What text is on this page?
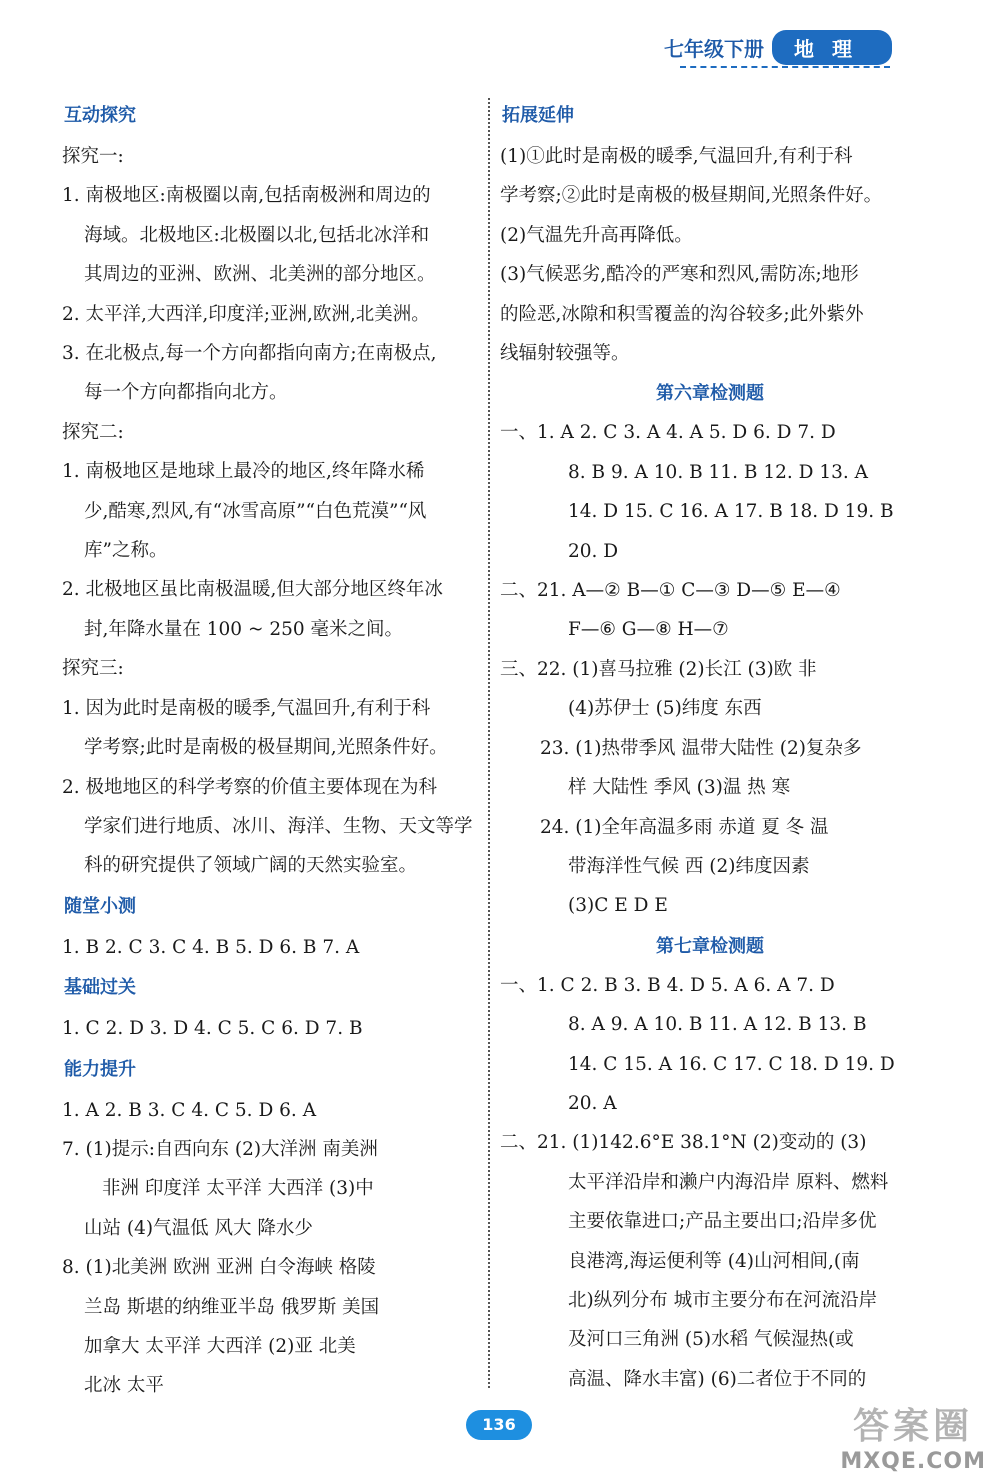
七年级下册	地理
互动探究
探究一:
1. 南极地区:南极圈以南,包括南极洲和周边的
海域。北极地区:北极圈以北,包括北冰洋和
其周边的亚洲、欧洲、北美洲的部分地区。
2. 太平洋,大西洋,印度洋;亚洲,欧洲,北美洲。
3. 在北极点,每一个方向都指向南方;在南极点,
每一个方向都指向北方。
探究二:
1. 南极地区是地球上最冷的地区,终年降水稀
少,酷寒,烈风,有“冰雪高原”“白色荒漠”“风
库”之称。
2. 北极地区虽比南极温暖,但大部分地区终年冰
封,年降水量在 100 ~ 250 毫米之间。
探究三:
1. 因为此时是南极的暖季,气温回升,有利于科
学考察;此时是南极的极昼期间,光照条件好。
2. 极地地区的科学考察的价值主要体现在为科
学家们进行地质、冰川、海洋、生物、天文等学
科的研究提供了领域广阔的天然实验室。
随堂小测
1. B 2. C 3. C 4. B 5. D 6. B 7. A
基础过关
1. C 2. D 3. D 4. C 5. C 6. D 7. B
能力提升
1. A 2. B 3. C 4. C 5. D 6. A
7. (1)提示:自西向东 (2)大洋洲 南美洲
非洲 印度洋 太平洋 大西洋 (3)中
山站 (4)气温低 风大 降水少
8. (1)北美洲 欧洲 亚洲 白令海峡 格陵
兰岛 斯堪的纳维亚半岛 俄罗斯 美国
加拿大 太平洋 大西洋 (2)亚 北美
北冰 太平
拓展延伸
(1)①此时是南极的暖季,气温回升,有利于科
学考察;②此时是南极的极昼期间,光照条件好。
(2)气温先升高再降低。
(3)气候恶劣,酷冷的严寒和烈风,需防冻;地形
的险恶,冰隙和积雪覆盖的沟谷较多;此外紫外
线辐射较强等。
第六章检测题
一、1. A 2. C 3. A 4. A 5. D 6. D 7. D
8. B 9. A 10. B 11. B 12. D 13. A
14. D 15. C 16. A 17. B 18. D 19. B
20. D
二、21. A—② B—① C—③ D—⑤ E—④
F—⑥ G—⑧ H—⑦
三、22. (1)喜马拉雅 (2)长江 (3)欧 非
(4)苏伊士 (5)纬度 东西
23. (1)热带季风 温带大陆性 (2)复杂多
样 大陆性 季风 (3)温 热 寒
24. (1)全年高温多雨 赤道 夏 冬 温
带海洋性气候 西 (2)纬度因素
(3)C E D E
第七章检测题
一、1. C 2. B 3. B 4. D 5. A 6. A 7. D
8. A 9. A 10. B 11. A 12. B 13. B
14. C 15. A 16. C 17. C 18. D 19. D
20. A
二、21. (1)142.6°E 38.1°N (2)变动的 (3)
太平洋沿岸和濑户内海沿岸 原料、燃料
主要依靠进口;产品主要出口;沿岸多优
良港湾,海运便利等 (4)山河相间,(南
北)纵列分布 城市主要分布在河流沿岸
及河口三角洲 (5)水稻 气候湿热(或
高温、降水丰富) (6)二者位于不同的
136	答案圈
MXQE.COM
